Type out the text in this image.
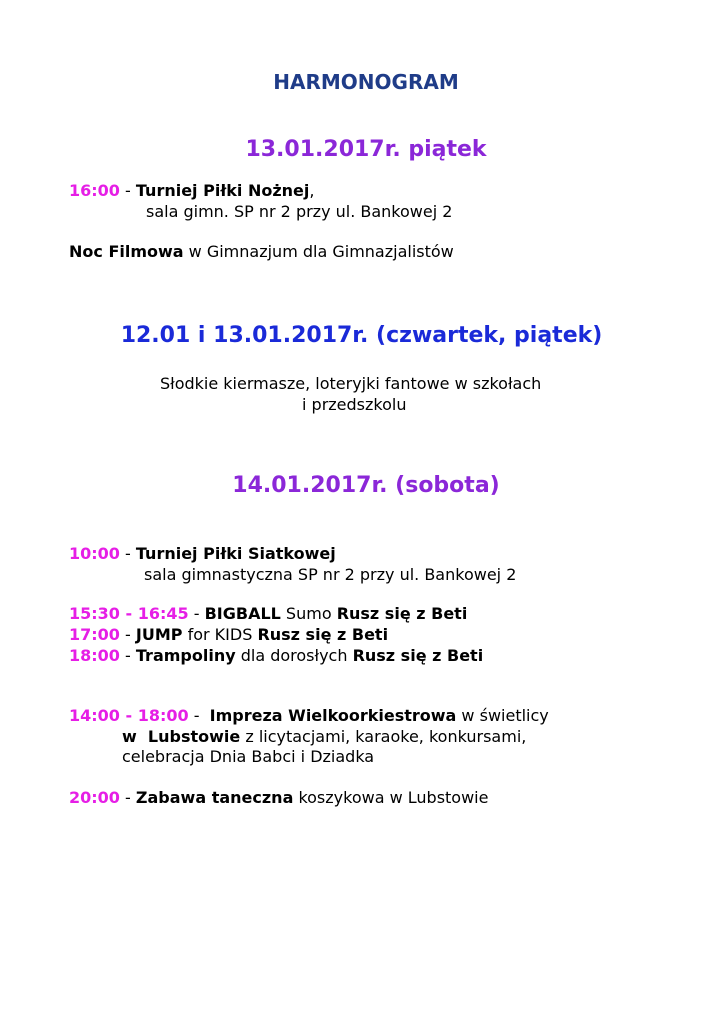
HARMONOGRAM
13.01.2017r. piątek
16:00 - Turniej Piłki Nożnej,
sala gimn. SP nr 2 przy ul. Bankowej 2
Noc Filmowa w Gimnazjum dla Gimnazjalistów
12.01 i 13.01.2017r. (czwartek, piątek)
Słodkie kiermasze, loteryjki fantowe w szkołach
i przedszkolu
14.01.2017r. (sobota)
10:00 - Turniej Piłki Siatkowej
sala gimnastyczna SP nr 2 przy ul. Bankowej 2
15:30 - 16:45 - BIGBALL Sumo Rusz się z Beti
17:00 - JUMP for KIDS Rusz się z Beti
18:00 - Trampoliny dla dorosłych Rusz się z Beti
14:00 - 18:00 -  Impreza Wielkoorkiestrowa w świetlicy
w  Lubstowie z licytacjami, karaoke, konkursami,
celebracja Dnia Babci i Dziadka
20:00 - Zabawa taneczna koszykowa w Lubstowie
